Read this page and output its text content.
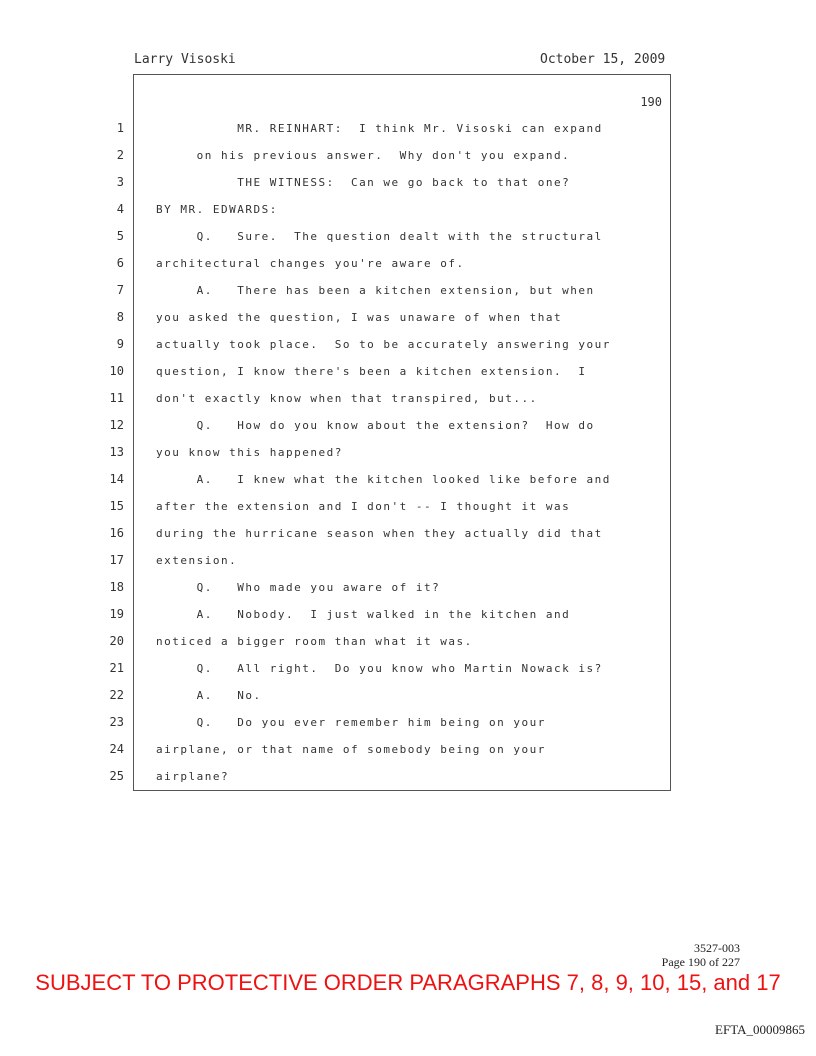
Larry Visoski	October 15, 2009
190
1
2
3
4
5
6
7
8
9
10
11
12
13
14
15
16
17
18
19
20
21
22
23
24
25
MR. REINHART:  I think Mr. Visoski can expand
on his previous answer.  Why don't you expand.
THE WITNESS:  Can we go back to that one?
BY MR. EDWARDS:
Q.   Sure.  The question dealt with the structural
architectural changes you're aware of.
A.   There has been a kitchen extension, but when
you asked the question, I was unaware of when that
actually took place.  So to be accurately answering your
question, I know there's been a kitchen extension.  I
don't exactly know when that transpired, but...
Q.   How do you know about the extension?  How do
you know this happened?
A.   I knew what the kitchen looked like before and
after the extension and I don't -- I thought it was
during the hurricane season when they actually did that
extension.
Q.   Who made you aware of it?
A.   Nobody.  I just walked in the kitchen and
noticed a bigger room than what it was.
Q.   All right.  Do you know who Martin Nowack is?
A.   No.
Q.   Do you ever remember him being on your
airplane, or that name of somebody being on your
airplane?
3527-003
Page 190 of 227
SUBJECT TO PROTECTIVE ORDER PARAGRAPHS 7, 8, 9, 10, 15, and 17
EFTA_00009865
